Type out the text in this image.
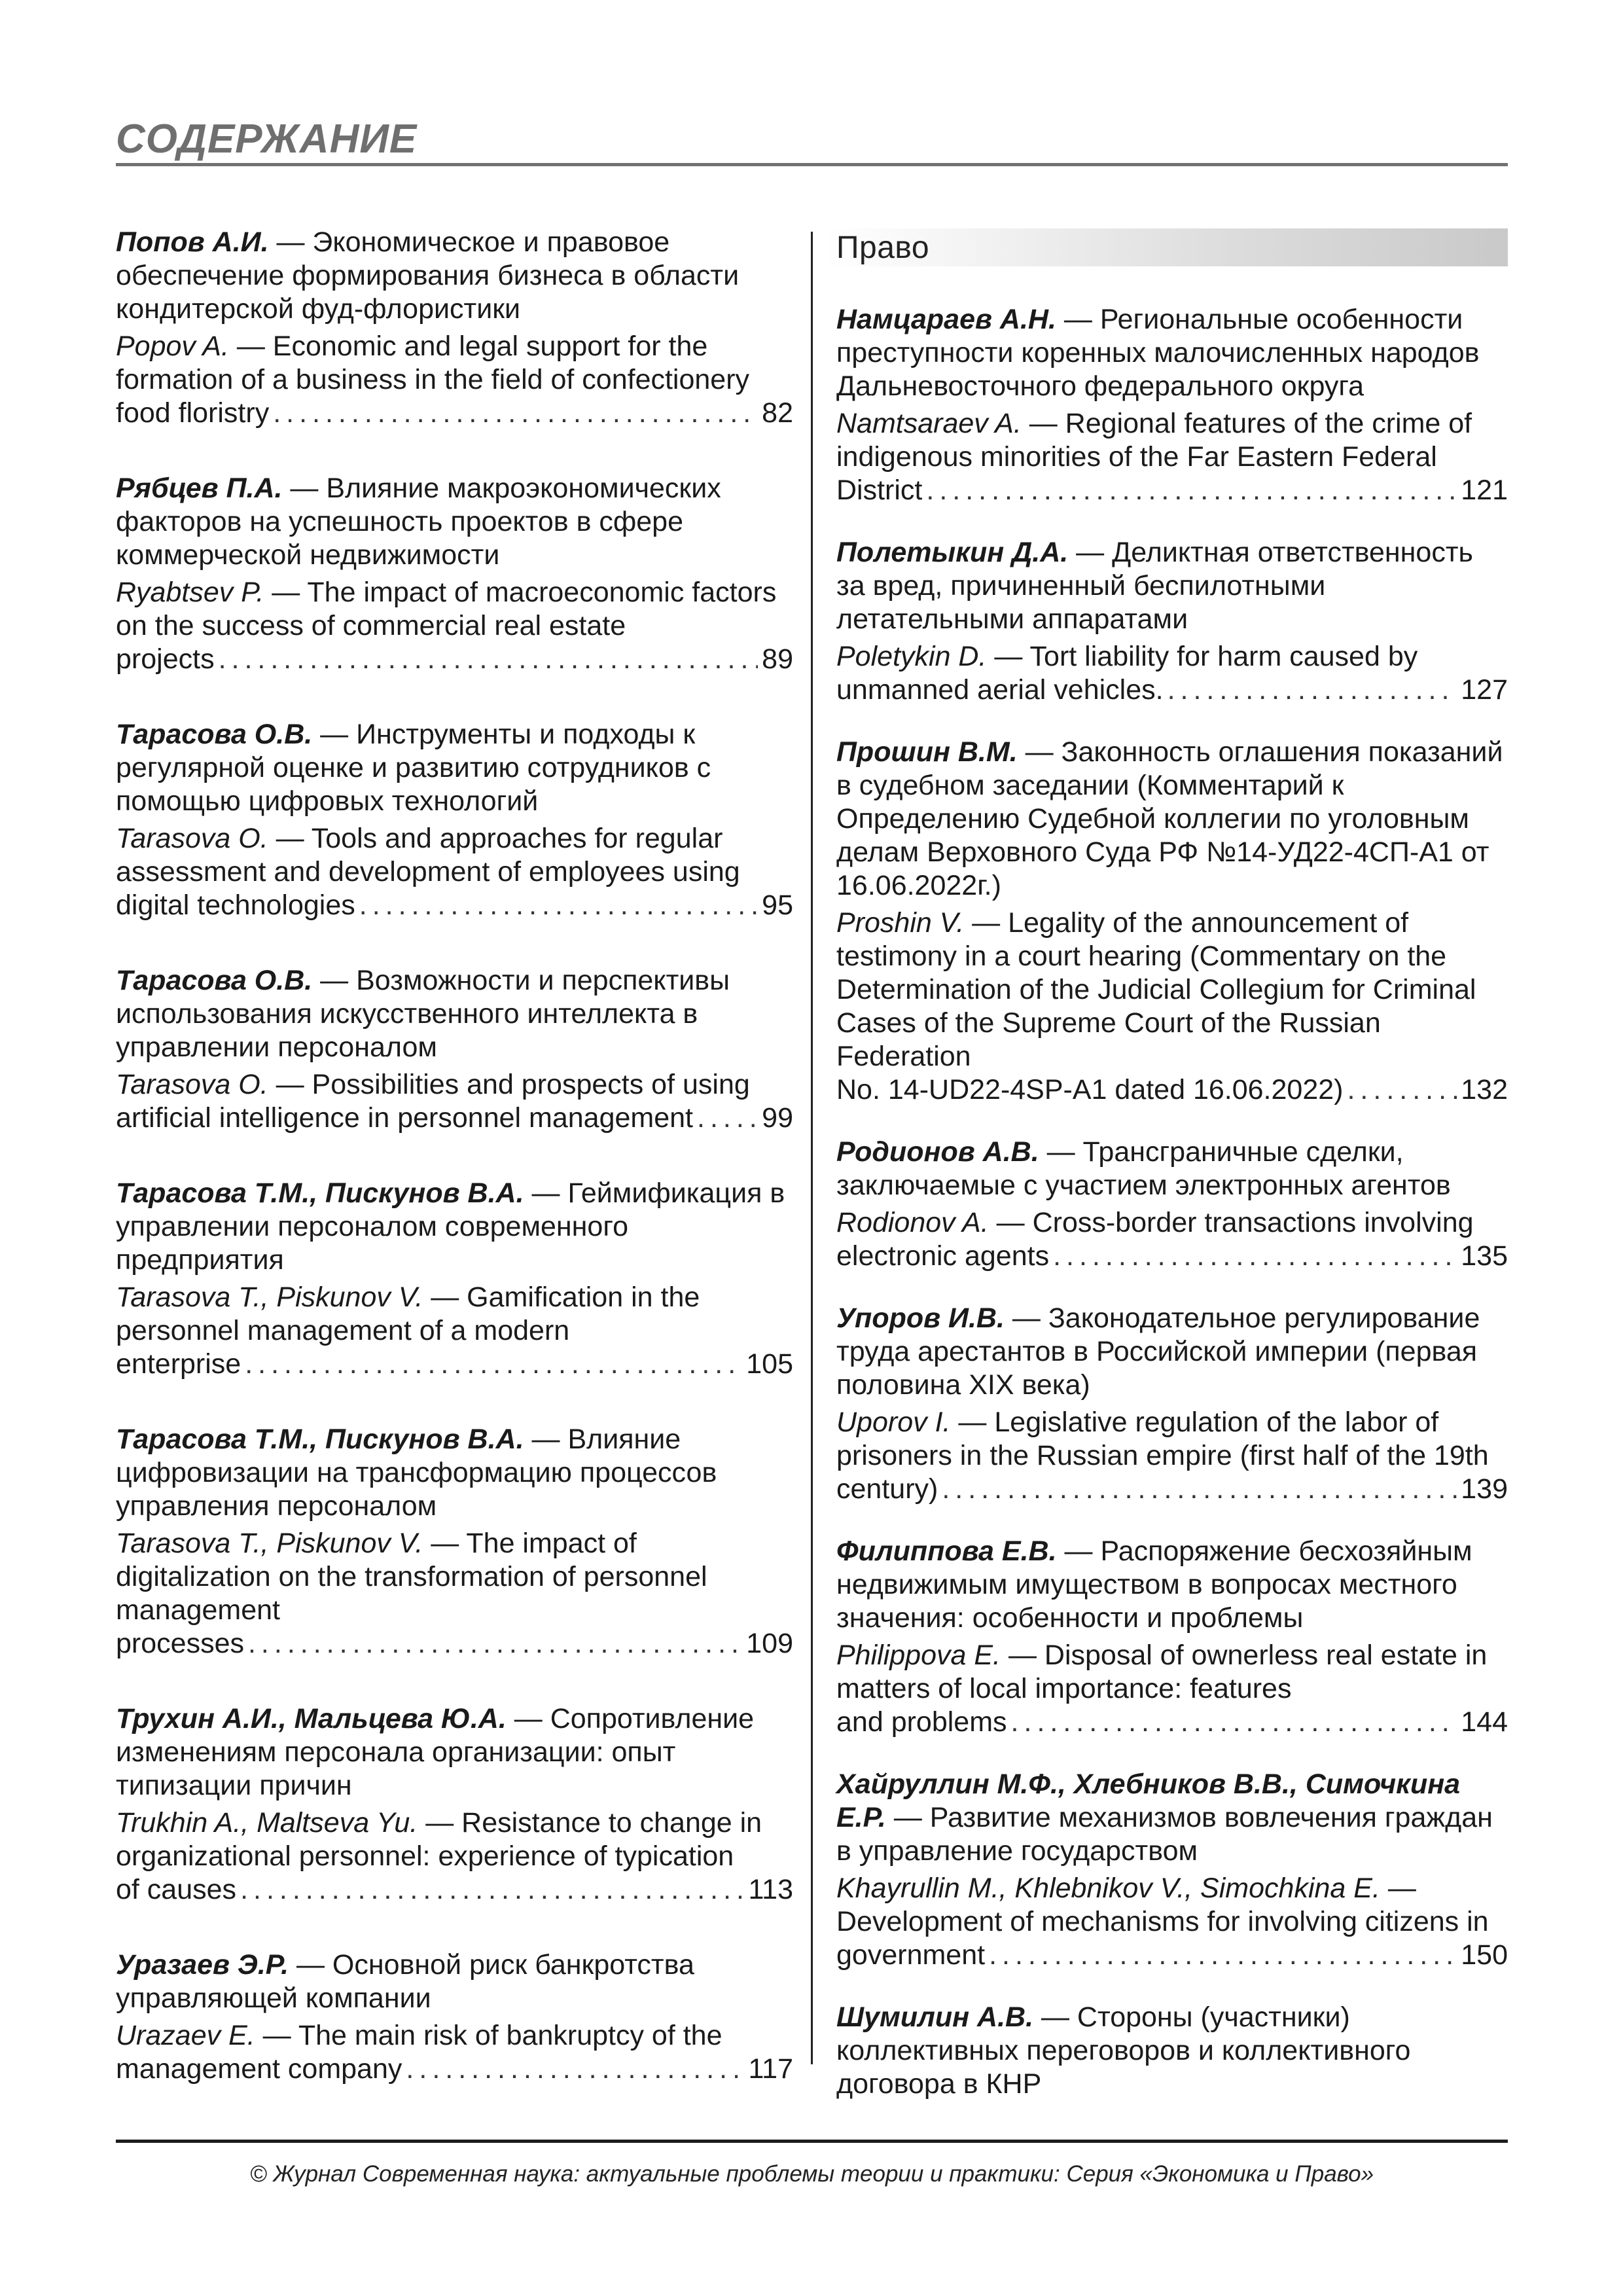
СОДЕРЖАНИЕ
Право

Попов А.И. — Экономическое и правовое обеспечение формирования бизнеса в области кондитерской фуд-флористики

Popov A. — Economic and legal support for the formation of a business in the field of confectionery

food floristry .....	82

Рябцев П.А. — Влияние макроэкономических факторов на успешность проектов в сфере коммерческой недвижимости

Ryabtsev P. — The impact of macroeconomic factors on the success of commercial real estate

projects .....	89

Тарасова О.В. — Инструменты и подходы к регулярной оценке и развитию сотрудников с помощью цифровых технологий

Tarasova O. — Tools and approaches for regular assessment and development of employees using

digital technologies .....	95

Тарасова О.В. — Возможности и перспективы использования искусственного интеллекта в управлении персоналом

Tarasova O. — Possibilities and prospects of using

artificial intelligence in personnel management ..... 99

Тарасова Т.М., Пискунов В.А. — Геймификация в управлении персоналом современного предприятия

Tarasova T., Piskunov V. — Gamification in the personnel management of a modern

enterprise .....	105

Тарасова Т.М., Пискунов В.А. — Влияние цифровизации на трансформацию процессов управления персоналом

Tarasova T., Piskunov V. — The impact of digitalization on the transformation of personnel management

processes .....	109

Трухин А.И., Мальцева Ю.А. — Сопротивление изменениям персонала организации: опыт типизации причин

Trukhin A., Maltseva Yu. — Resistance to change in organizational personnel: experience of typication

of causes .....	113

Уразаев Э.Р. — Основной риск банкротства управляющей компании

Urazaev E. — The main risk of bankruptcy of the

management company .....	117

Намцараев А.Н. — Региональные особенности преступности коренных малочисленных народов Дальневосточного федерального округа

Namtsaraev A. — Regional features of the crime of indigenous minorities of the Far Eastern Federal

District .....	121

Полетыкин Д.А. — Деликтная ответственность за вред, причиненный беспилотными летательными аппаратами

Poletykin D. — Tort liability for harm caused by

unmanned aerial vehicles. .....	127

Прошин В.М. — Законность оглашения показаний в судебном заседании (Комментарий к Определению Судебной коллегии по уголовным делам Верховного Суда РФ №14-УД22-4СП-А1 от 16.06.2022г.)

Proshin V. — Legality of the announcement of testimony in a court hearing (Commentary on the Determination of the Judicial Collegium for Criminal Cases of the Supreme Court of the Russian Federation

No. 14-UD22-4SP-A1 dated 16.06.2022) .....	132

Родионов А.В. — Трансграничные сделки, заключаемые с участием электронных агентов

Rodionov A. — Cross-border transactions involving

electronic agents .....	135

Упоров И.В. — Законодательное регулирование труда арестантов в Российской империи (первая половина XIX века)

Uporov I. — Legislative regulation of the labor of prisoners in the Russian empire (first half of the 19th

century) .....	139

Филиппова Е.В. — Распоряжение бесхозяйным недвижимым имуществом в вопросах местного значения: особенности и проблемы

Philippova E. — Disposal of ownerless real estate in matters of local importance: features

and problems .....	144

Хайруллин М.Ф., Хлебников В.В., Симочкина Е.Р. — Развитие механизмов вовлечения граждан в управление государством

Khayrullin M., Khlebnikov V., Simochkina E. — Development of mechanisms for involving citizens in

government .....	150

Шумилин А.В. — Стороны (участники) коллективных переговоров и коллективного договора в КНР

© Журнал Современная наука: актуальные проблемы теории и практики: Серия «Экономика и Право»
